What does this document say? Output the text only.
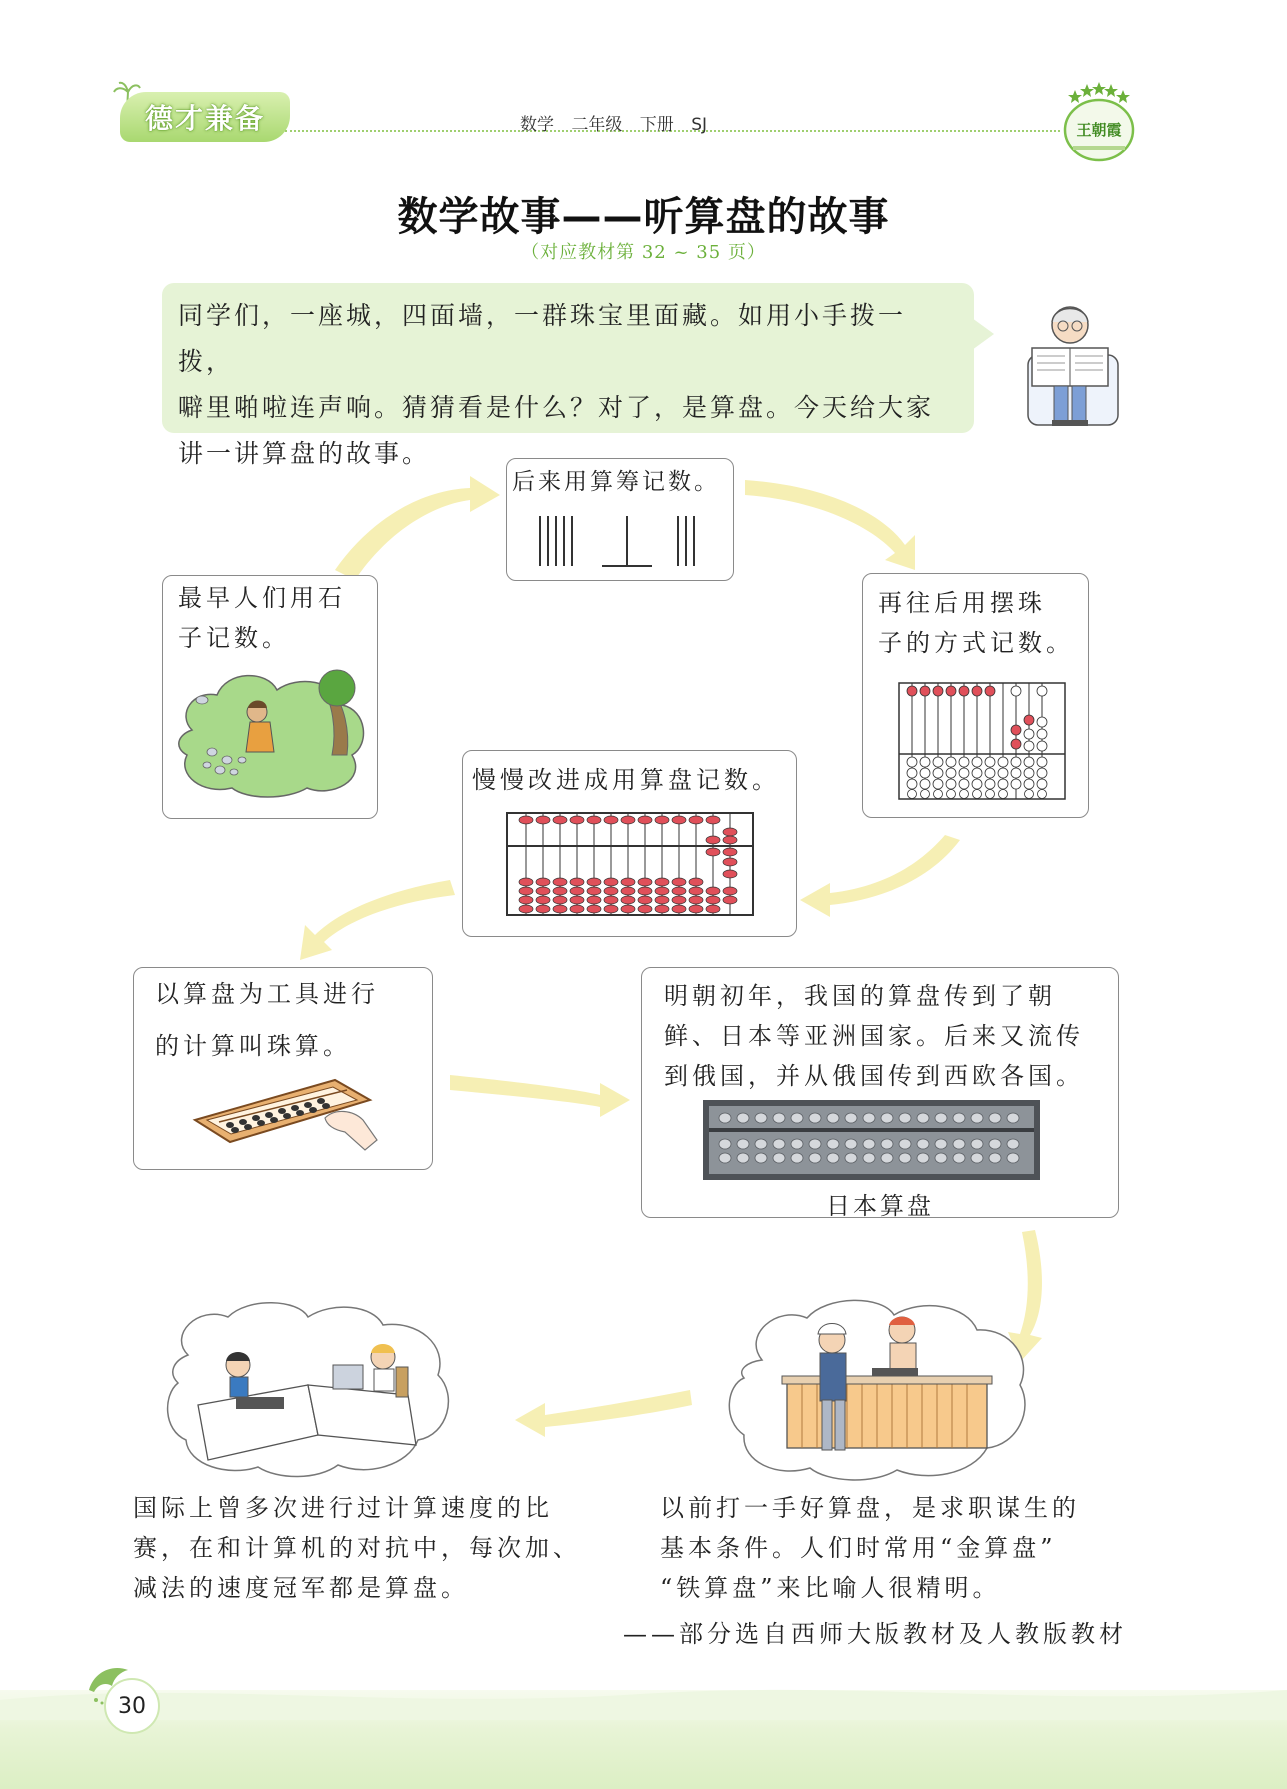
德才兼备	数学 二年级 下册 SJ	王朝霞
数学故事——听算盘的故事
（对应教材第 32 ~ 35 页）
同学们，一座城，四面墙，一群珠宝里面藏。如用小手拨一拨，
噼里啪啦连声响。猜猜看是什么？对了，是算盘。今天给大家
讲一讲算盘的故事。
最早人们用石
子记数。
后来用算筹记数。
再往后用摆珠
子的方式记数。
慢慢改进成用算盘记数。
以算盘为工具进行
的计算叫珠算。
明朝初年，我国的算盘传到了朝
鲜、日本等亚洲国家。后来又流传
到俄国，并从俄国传到西欧各国。
日本算盘
国际上曾多次进行过计算速度的比
赛，在和计算机的对抗中，每次加、
减法的速度冠军都是算盘。
以前打一手好算盘，是求职谋生的
基本条件。人们时常用“金算盘”
“铁算盘”来比喻人很精明。
——部分选自西师大版教材及人教版教材
30
